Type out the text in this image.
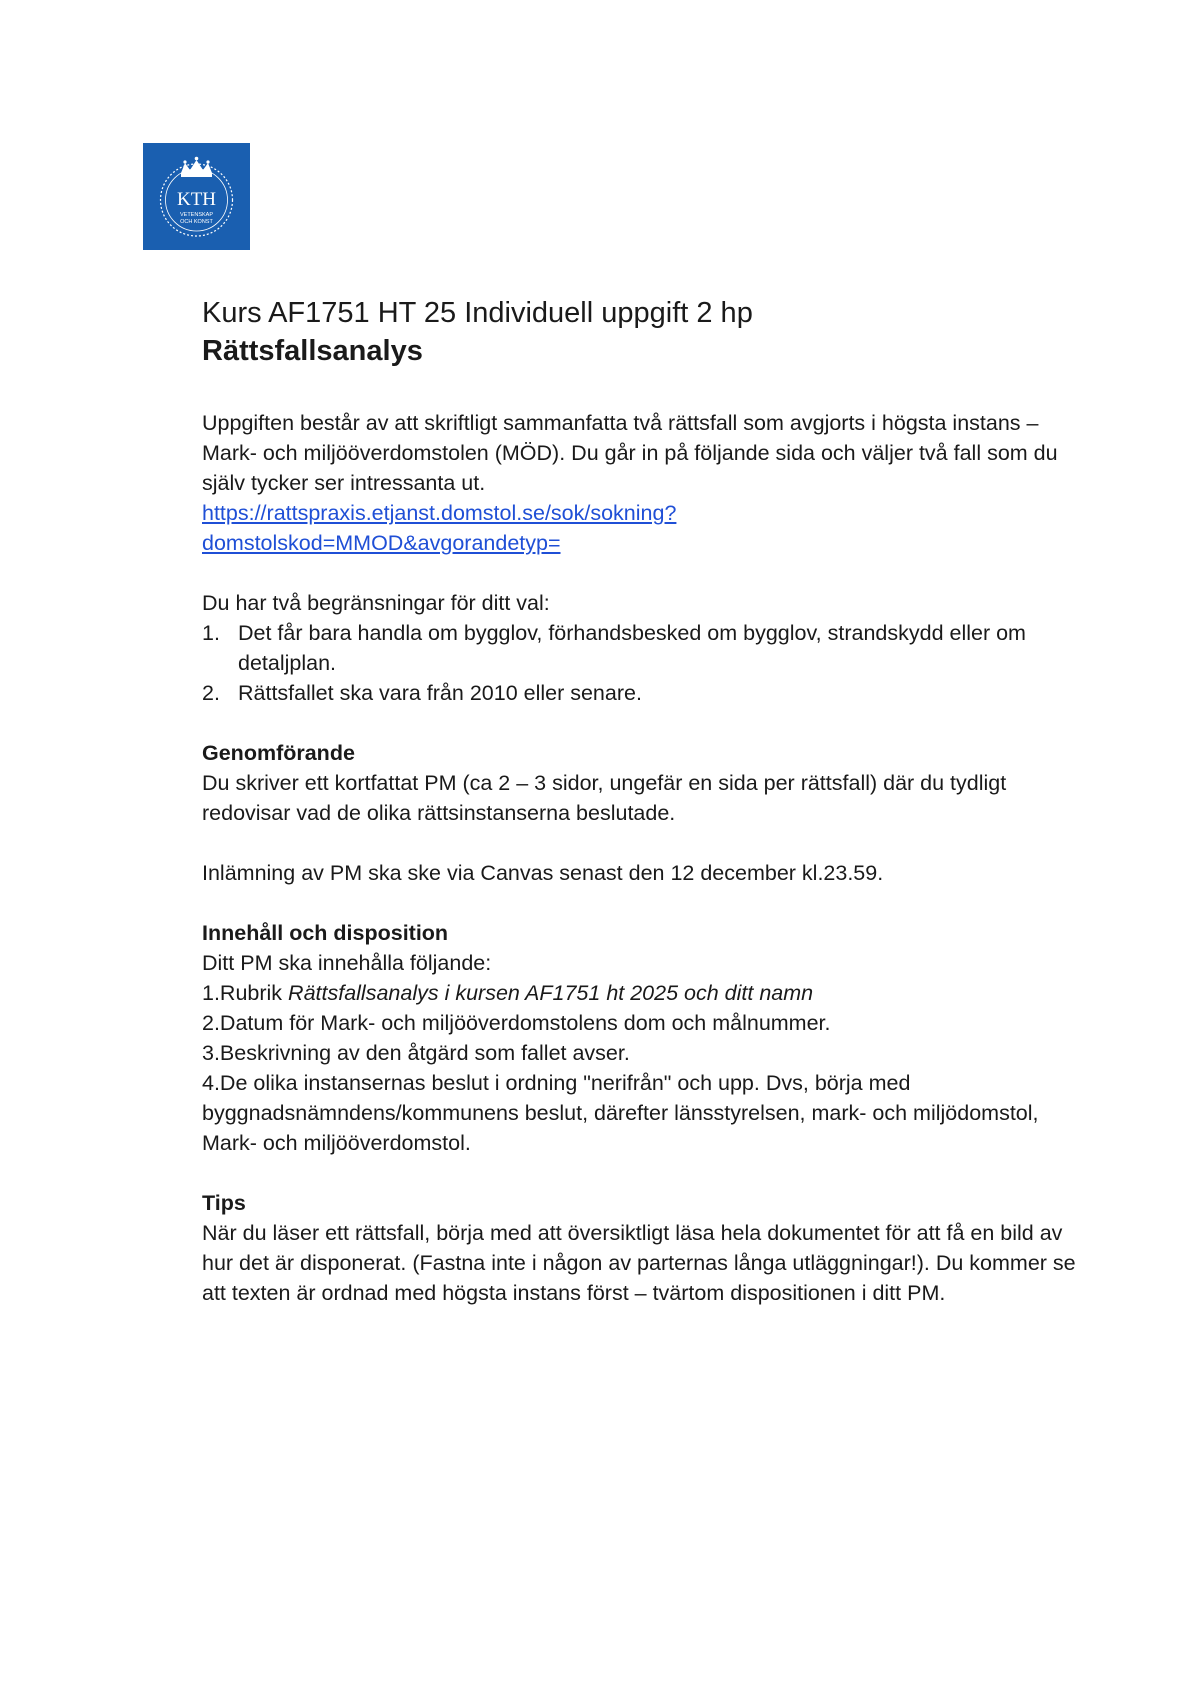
KTH
VETENSKAP
OCH KONST
Kurs AF1751 HT 25 Individuell uppgift 2 hp
Rättsfallsanalys

Uppgiften består av att skriftligt sammanfatta två rättsfall som avgjorts i högsta instans – Mark- och miljööverdomstolen (MÖD). Du går in på följande sida och väljer två fall som du själv tycker ser intressanta ut.

https://rattspraxis.etjanst.domstol.se/sok/sokning?
domstolskod=MMOD&avgorandetyp=

Du har två begränsningar för ditt val:

1. Det får bara handla om bygglov, förhandsbesked om bygglov, strandskydd eller om detaljplan.
2. Rättsfallet ska vara från 2010 eller senare.
Genomförande

Du skriver ett kortfattat PM (ca 2 – 3 sidor, ungefär en sida per rättsfall) där du tydligt redovisar vad de olika rättsinstanserna beslutade.

Inlämning av PM ska ske via Canvas senast den 12 december kl.23.59.

Innehåll och disposition

Ditt PM ska innehålla följande:

1.Rubrik Rättsfallsanalys i kursen AF1751 ht 2025 och ditt namn

2.Datum för Mark- och miljööverdomstolens dom och målnummer.

3.Beskrivning av den åtgärd som fallet avser.

4.De olika instansernas beslut i ordning "nerifrån" och upp. Dvs, börja med byggnadsnämndens/kommunens beslut, därefter länsstyrelsen, mark- och miljödomstol, Mark- och miljööverdomstol.

Tips

När du läser ett rättsfall, börja med att översiktligt läsa hela dokumentet för att få en bild av hur det är disponerat. (Fastna inte i någon av parternas långa utläggningar!). Du kommer se att texten är ordnad med högsta instans först – tvärtom dispositionen i ditt PM.
